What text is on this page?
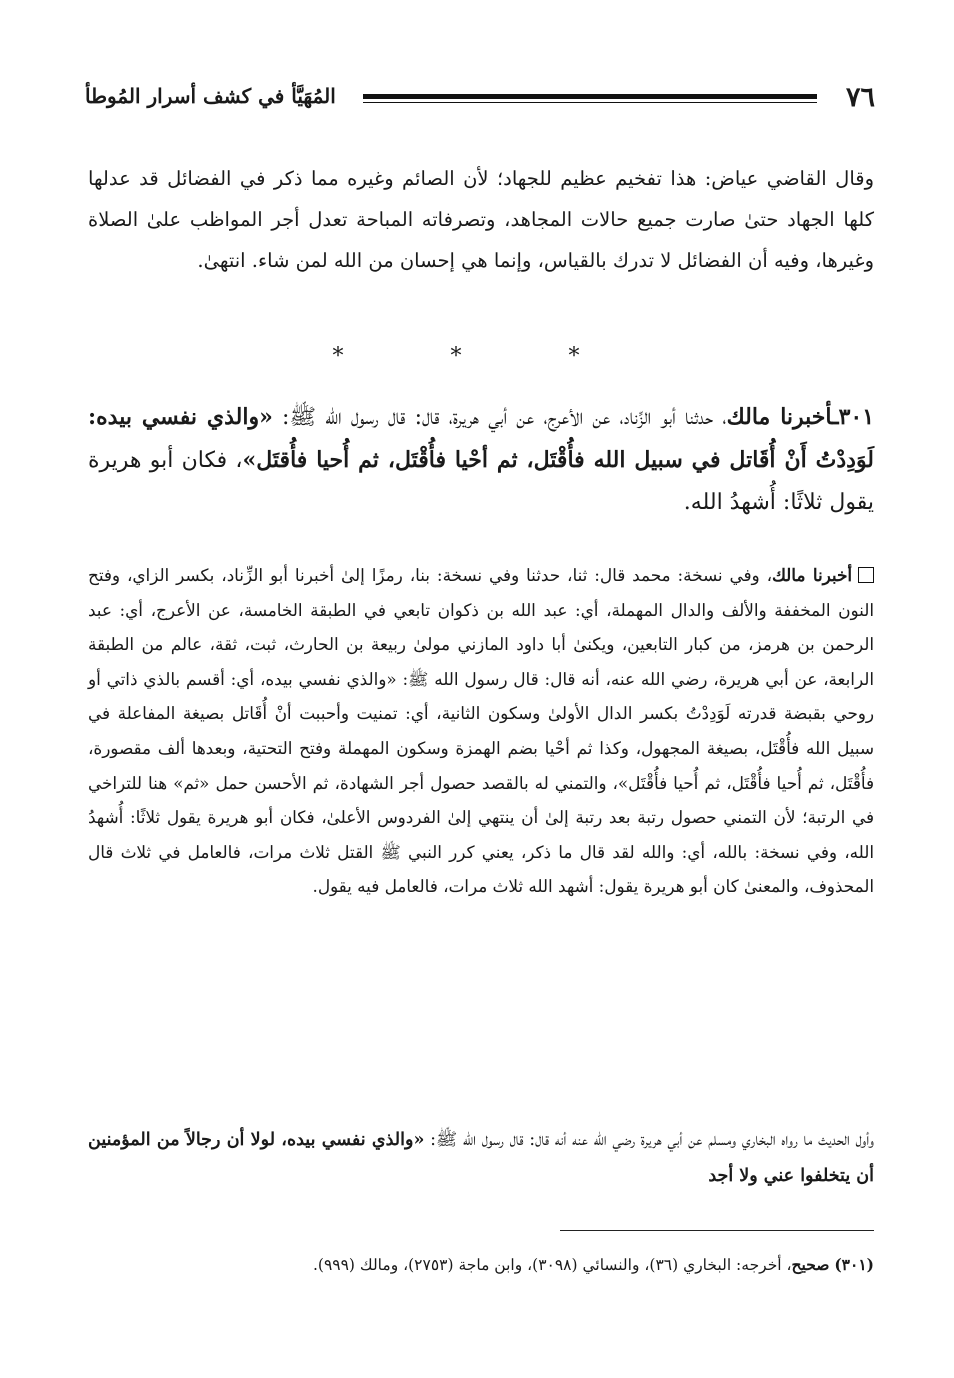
٧٦
المُهَيَّأ في كشف أسرار المُوطأ

وقال القاضي عياض: هذا تفخيم عظيم للجهاد؛ لأن الصائم وغيره مما ذكر في الفضائل قد عدلها كلها الجهاد حتىٰ صارت جميع حالات المجاهد، وتصرفاته المباحة تعدل أجر المواظب علىٰ الصلاة وغيرها، وفيه أن الفضائل لا تدرك بالقياس، وإنما هي إحسان من الله لمن شاء. انتهىٰ.

* * *

٣٠١ـأخبرنا مالك، حدثنا أبو الزِّناد، عن الأعرج، عن أبي هريرة، قال: قال رسول الله ﷺ: «والذي نفسي بيده: لَوَدِدْتُ أَنْ أُقَاتل في سبيل الله فأُقْتَل، ثم أحْيا فأُقْتَل، ثم أُحيا فأُقتَل»، فكان أبو هريرة يقول ثلاثًا: أُشهدُ الله.

أخبرنا مالك، وفي نسخة: محمد قال: ثنا، حدثنا وفي نسخة: بنا، رمزًا إلىٰ أخبرنا أبو الزِّناد، بكسر الزاي، وفتح النون المخففة والألف والدال المهملة، أي: عبد الله بن ذكوان تابعي في الطبقة الخامسة، عن الأعرج، أي: عبد الرحمن بن هرمز، من كبار التابعين، ويكنىٰ أبا داود المازني مولىٰ ربيعة بن الحارث، ثبت، ثقة، عالم من الطبقة الرابعة، عن أبي هريرة، رضي الله عنه، أنه قال: قال رسول الله ﷺ: «والذي نفسي بيده، أي: أقسم بالذي ذاتي أو روحي بقبضة قدرته لَوَدِدْتُ بكسر الدال الأولىٰ وسكون الثانية، أي: تمنيت وأحببت أنْ أُقَاتل بصيغة المفاعلة في سبيل الله فأُقْتَل، بصيغة المجهول، وكذا ثم أحْيا بضم الهمزة وسكون المهملة وفتح التحتية، وبعدها ألف مقصورة، فأُقْتَل، ثم أُحيا فأُقْتَل، ثم أُحيا فأُقْتَل»، والتمني له بالقصد حصول أجر الشهادة، ثم الأحسن حمل «ثم» هنا للتراخي في الرتبة؛ لأن التمني حصول رتبة بعد رتبة إلىٰ أن ينتهي إلىٰ الفردوس الأعلىٰ، فكان أبو هريرة يقول ثلاثًا: أُشهدُ الله، وفي نسخة: بالله، أي: والله لقد قال ما ذكر، يعني كرر النبي ﷺ القتل ثلاث مرات، فالعامل في ثلاث قال المحذوف، والمعنىٰ كان أبو هريرة يقول: أشهد الله ثلاث مرات، فالعامل فيه يقول.

وأول الحديث ما رواه البخاري ومسلم عن أبي هريرة رضي الله عنه أنه قال: قال رسول الله ﷺ: «والذي نفسي بيده، لولا أن رجالاً من المؤمنين أن يتخلفوا عني ولا أجد

(٣٠١) صحيح، أخرجه: البخاري (٣٦)، والنسائي (٣٠٩٨)، وابن ماجة (٢٧٥٣)، ومالك (٩٩٩).
